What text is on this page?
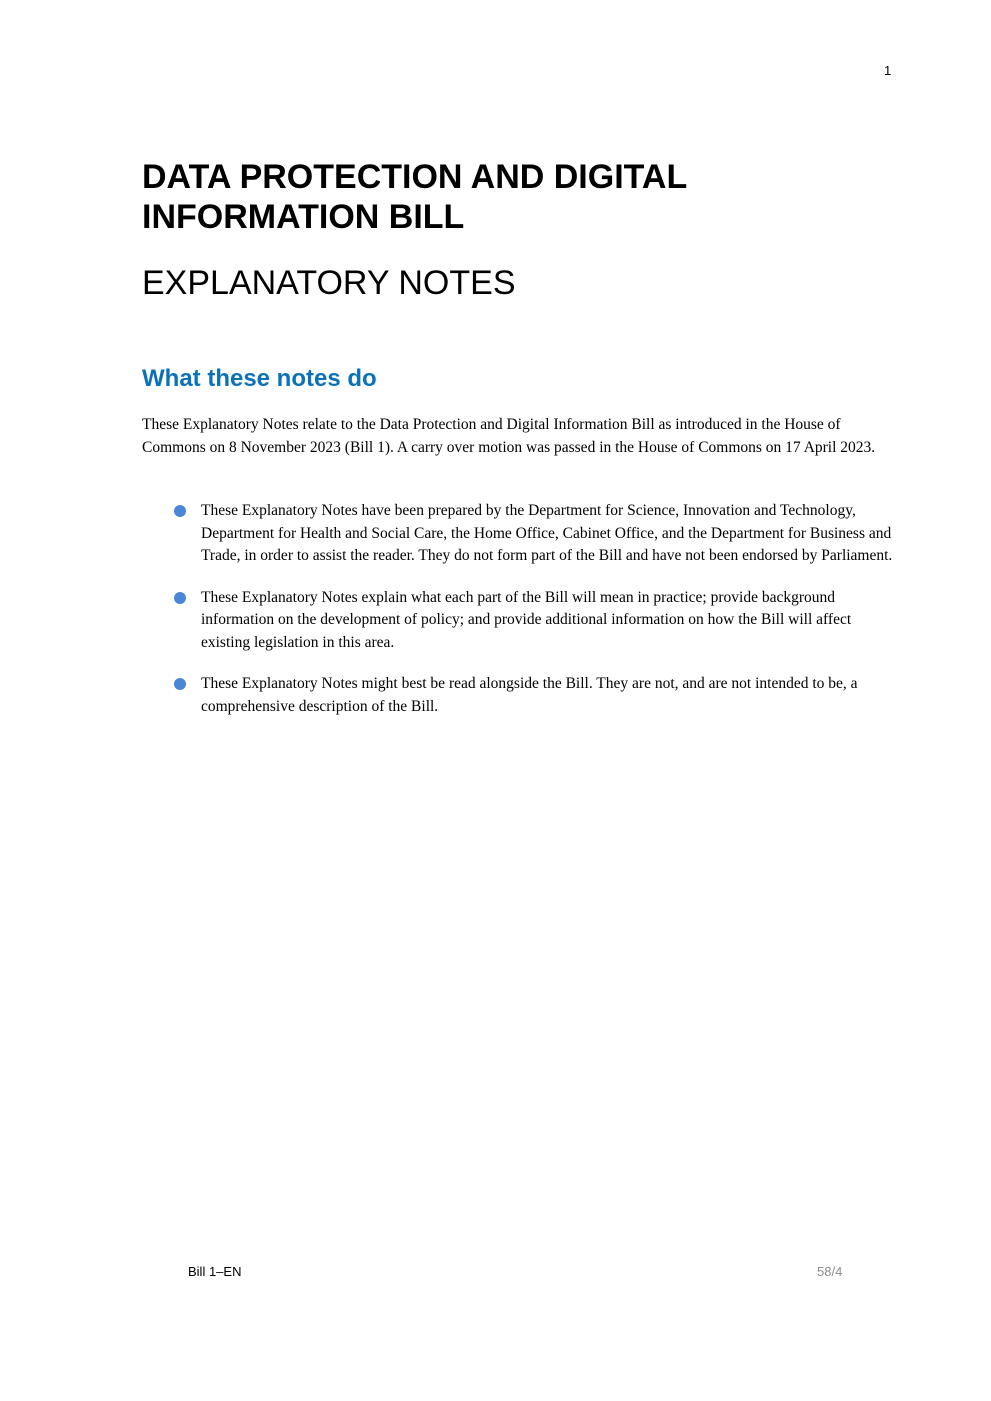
1
DATA PROTECTION AND DIGITAL INFORMATION BILL
EXPLANATORY NOTES
What these notes do

These Explanatory Notes relate to the Data Protection and Digital Information Bill as introduced in the House of Commons on 8 November 2023 (Bill 1). A carry over motion was passed in the House of Commons on 17 April 2023.

These Explanatory Notes have been prepared by the Department for Science, Innovation and Technology, Department for Health and Social Care, the Home Office, Cabinet Office, and the Department for Business and Trade, in order to assist the reader. They do not form part of the Bill and have not been endorsed by Parliament.
These Explanatory Notes explain what each part of the Bill will mean in practice; provide background information on the development of policy; and provide additional information on how the Bill will affect existing legislation in this area.
These Explanatory Notes might best be read alongside the Bill. They are not, and are not intended to be, a comprehensive description of the Bill.
Bill 1–EN	58/4
